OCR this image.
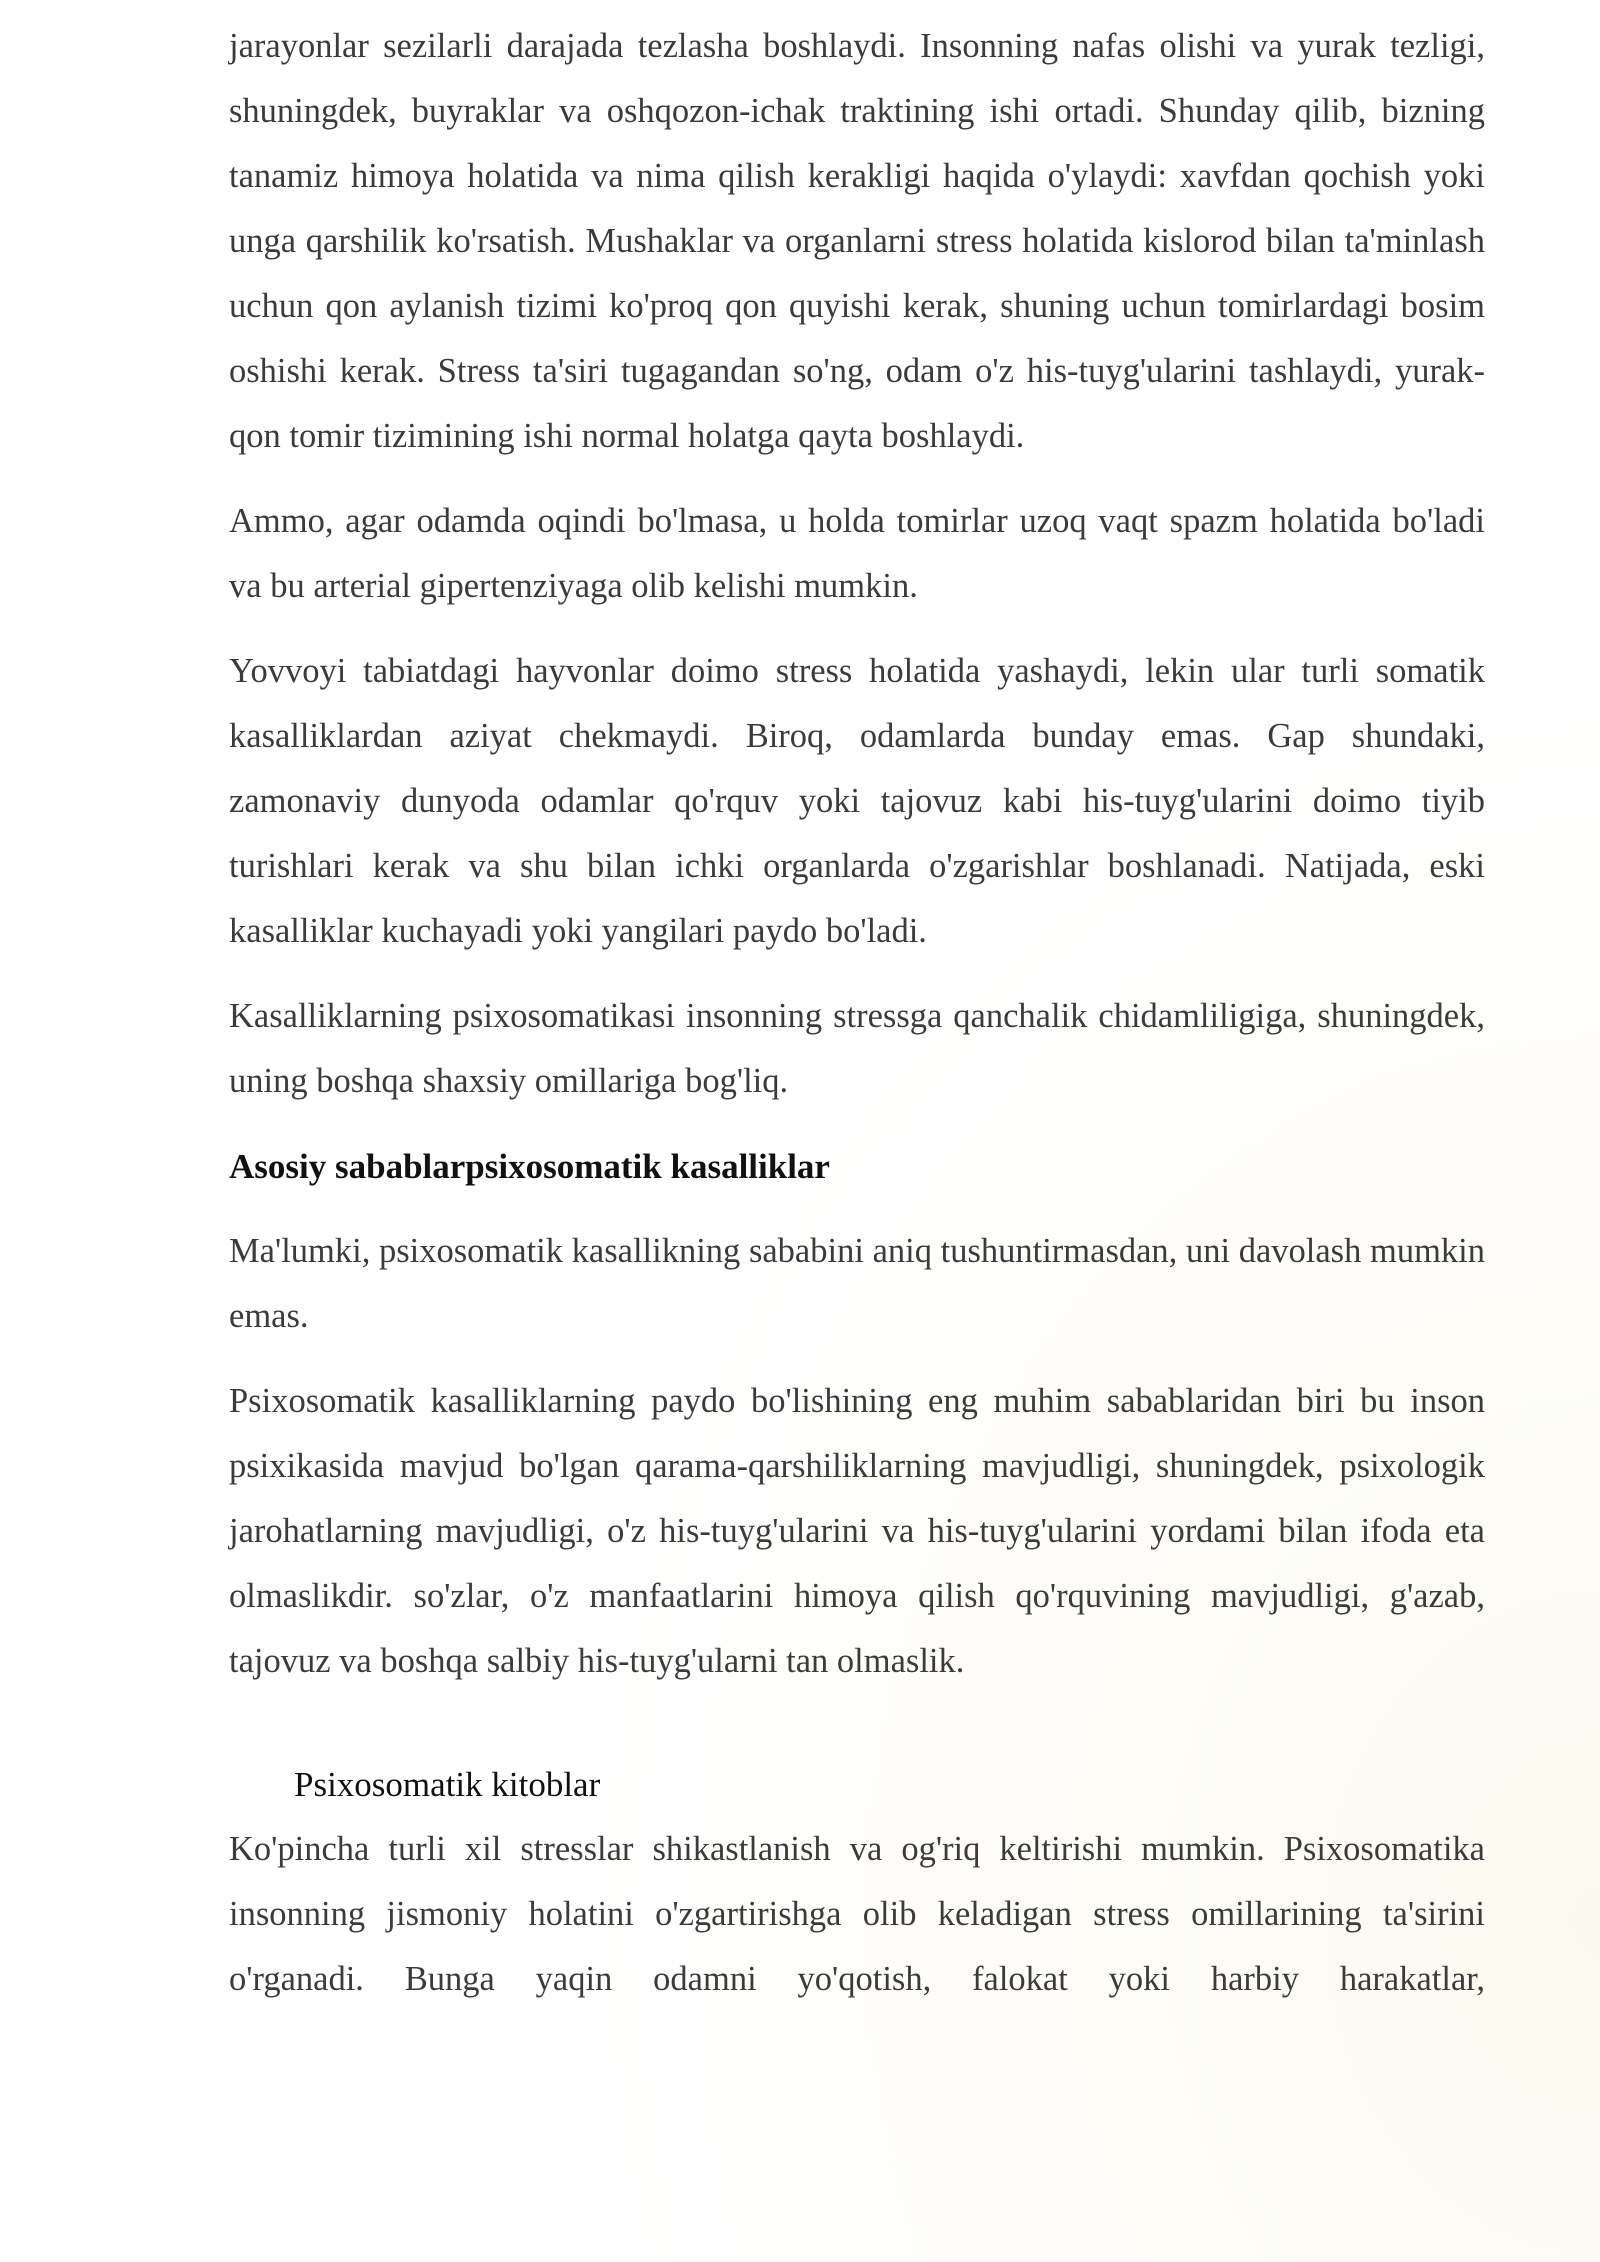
jarayonlar sezilarli darajada tezlasha boshlaydi. Insonning nafas olishi va yurak tezligi, shuningdek, buyraklar va oshqozon-ichak traktining ishi ortadi. Shunday qilib, bizning tanamiz himoya holatida va nima qilish kerakligi haqida o'ylaydi: xavfdan qochish yoki unga qarshilik ko'rsatish. Mushaklar va organlarni stress holatida kislorod bilan ta'minlash uchun qon aylanish tizimi ko'proq qon quyishi kerak, shuning uchun tomirlardagi bosim oshishi kerak. Stress ta'siri tugagandan so'ng, odam o'z his-tuyg'ularini tashlaydi, yurak-qon tomir tizimining ishi normal holatga qayta boshlaydi.

Ammo, agar odamda oqindi bo'lmasa, u holda tomirlar uzoq vaqt spazm holatida bo'ladi va bu arterial gipertenziyaga olib kelishi mumkin.

Yovvoyi tabiatdagi hayvonlar doimo stress holatida yashaydi, lekin ular turli somatik kasalliklardan aziyat chekmaydi. Biroq, odamlarda bunday emas. Gap shundaki, zamonaviy dunyoda odamlar qo'rquv yoki tajovuz kabi his-tuyg'ularini doimo tiyib turishlari kerak va shu bilan ichki organlarda o'zgarishlar boshlanadi. Natijada, eski kasalliklar kuchayadi yoki yangilari paydo bo'ladi.

Kasalliklarning psixosomatikasi insonning stressga qanchalik chidamliligiga, shuningdek, uning boshqa shaxsiy omillariga bog'liq.

Asosiy sabablarpsixosomatik kasalliklar

Ma'lumki, psixosomatik kasallikning sababini aniq tushuntirmasdan, uni davolash mumkin emas.

Psixosomatik kasalliklarning paydo bo'lishining eng muhim sabablaridan biri bu inson psixikasida mavjud bo'lgan qarama-qarshiliklarning mavjudligi, shuningdek, psixologik jarohatlarning mavjudligi, o'z his-tuyg'ularini va his-tuyg'ularini yordami bilan ifoda eta olmaslikdir. so'zlar, o'z manfaatlarini himoya qilish qo'rquvining mavjudligi, g'azab, tajovuz va boshqa salbiy his-tuyg'ularni tan olmaslik.

Psixosomatik kitoblar

Ko'pincha turli xil stresslar shikastlanish va og'riq keltirishi mumkin. Psixosomatika insonning jismoniy holatini o'zgartirishga olib keladigan stress omillarining ta'sirini o'rganadi. Bunga yaqin odamni yo'qotish, falokat yoki harbiy harakatlar,
